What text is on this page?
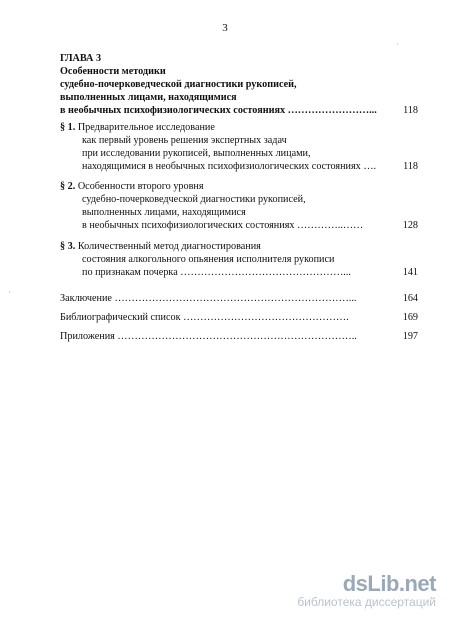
3
ГЛАВА 3
Особенности методики
судебно-почерковедческой диагностики рукописей,
выполненных лицами, находящимися
в необычных психофизиологических состояниях ……………………...	118
§ 1. Предварительное исследование
как первый уровень решения экспертных задач
при исследовании рукописей, выполненных лицами,
находящимися в необычных психофизиологических состояниях ….	118
§ 2. Особенности второго уровня
судебно-почерковедческой диагностики рукописей,
выполненных лицами, находящимися
в необычных психофизиологических состояниях …………..……	128
§ 3. Количественный метод диагностирования
состояния алкогольного опьянения исполнителя рукописи
по признакам почерка …………………………………………...	141
Заключение ……………………………………………………………...	164
Библиографический список ………………………………………….	169
Приложения ……………………………………………………………..	197
·
·
dsLib.net
библиотека диссертаций
